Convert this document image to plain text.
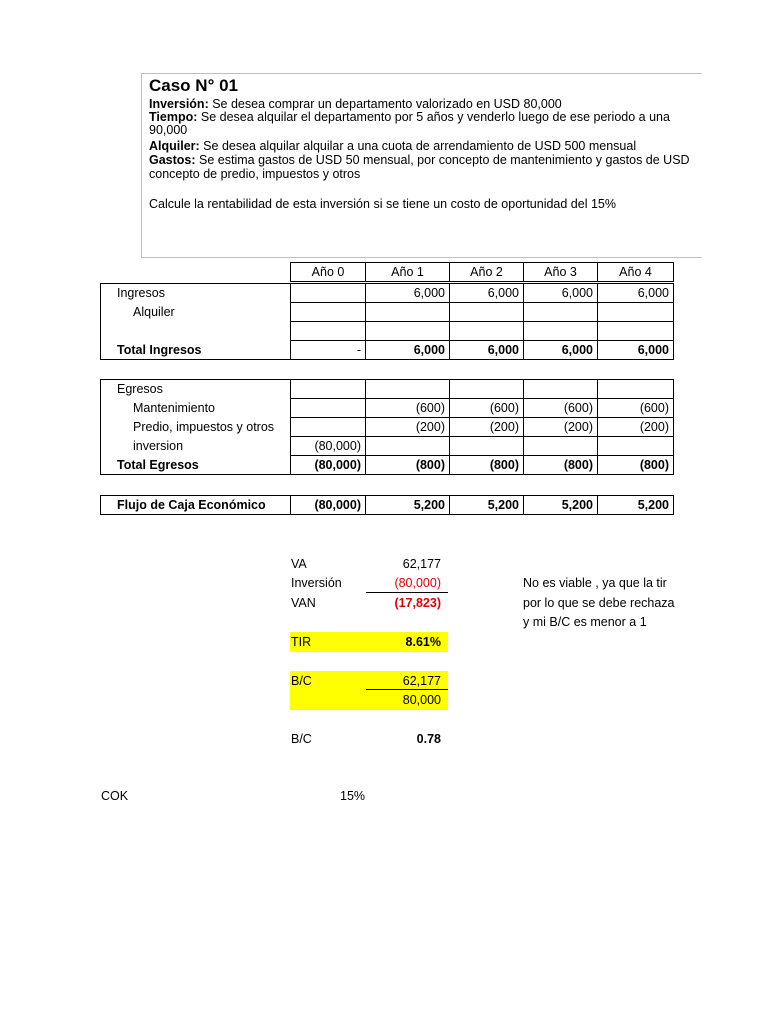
Caso N° 01
Inversión: Se desea comprar un departamento valorizado en USD 80,000
Tiempo: Se desea alquilar el departamento por 5 años y venderlo luego de ese periodo a una
90,000
Alquiler: Se desea alquilar alquilar a una cuota de arrendamiento de USD 500 mensual
Gastos: Se estima gastos de USD 50 mensual, por concepto de mantenimiento y gastos de USD
concepto de predio, impuestos y otros
Calcule la rentabilidad de esta inversión si se tiene un costo de oportunidad del 15%
Año 0	Año 1	Año 2	Año 3	Año 4
Ingresos		6,000	6,000	6,000	6,000
Alquiler					

Total Ingresos	-	6,000	6,000	6,000	6,000
Egresos					
Mantenimiento		(600)	(600)	(600)	(600)
Predio, impuestos y otros		(200)	(200)	(200)	(200)
inversion	(80,000)				
Total Egresos	(80,000)	(800)	(800)	(800)	(800)
Flujo de Caja Económico	(80,000)	5,200	5,200	5,200	5,200
VA	62,177
Inversión	(80,000)
VAN	(17,823)
TIR	8.61%
B/C	62,177
80,000
B/C	0.78
No es viable , ya que la tir
por lo que se debe rechaza
y mi B/C es menor a 1
COK	15%
